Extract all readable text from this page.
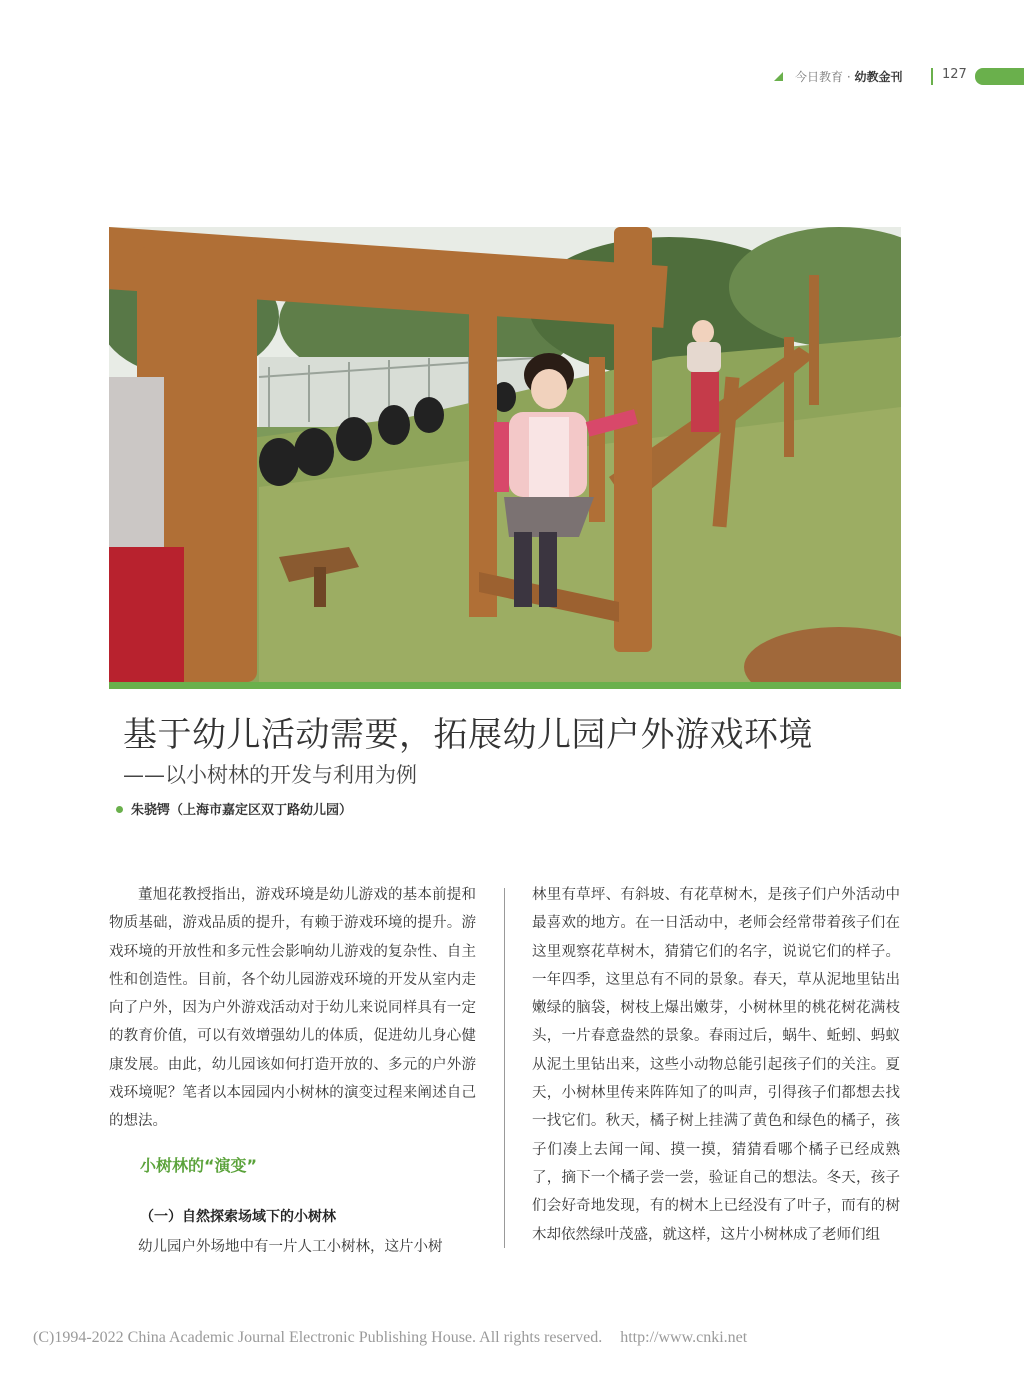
今日教育 · 幼教金刊	127
基于幼儿活动需要，拓展幼儿园户外游戏环境
——以小树林的开发与利用为例
朱骁锷（上海市嘉定区双丁路幼儿园）

董旭花教授指出，游戏环境是幼儿游戏的基本前提和物质基础，游戏品质的提升，有赖于游戏环境的提升。游戏环境的开放性和多元性会影响幼儿游戏的复杂性、自主性和创造性。目前，各个幼儿园游戏环境的开发从室内走向了户外，因为户外游戏活动对于幼儿来说同样具有一定的教育价值，可以有效增强幼儿的体质，促进幼儿身心健康发展。由此，幼儿园该如何打造开放的、多元的户外游戏环境呢？笔者以本园园内小树林的演变过程来阐述自己的想法。

小树林的“演变”
（一）自然探索场域下的小树林

幼儿园户外场地中有一片人工小树林，这片小树

林里有草坪、有斜坡、有花草树木，是孩子们户外活动中最喜欢的地方。在一日活动中，老师会经常带着孩子们在这里观察花草树木，猜猜它们的名字，说说它们的样子。一年四季，这里总有不同的景象。春天，草从泥地里钻出嫩绿的脑袋，树枝上爆出嫩芽，小树林里的桃花树花满枝头，一片春意盎然的景象。春雨过后，蜗牛、蚯蚓、蚂蚁从泥土里钻出来，这些小动物总能引起孩子们的关注。夏天，小树林里传来阵阵知了的叫声，引得孩子们都想去找一找它们。秋天，橘子树上挂满了黄色和绿色的橘子，孩子们凑上去闻一闻、摸一摸，猜猜看哪个橘子已经成熟了，摘下一个橘子尝一尝，验证自己的想法。冬天，孩子们会好奇地发现，有的树木上已经没有了叶子，而有的树木却依然绿叶茂盛，就这样，这片小树林成了老师们组

(C)1994-2022 China Academic Journal Electronic Publishing House. All rights reserved. http://www.cnki.net
